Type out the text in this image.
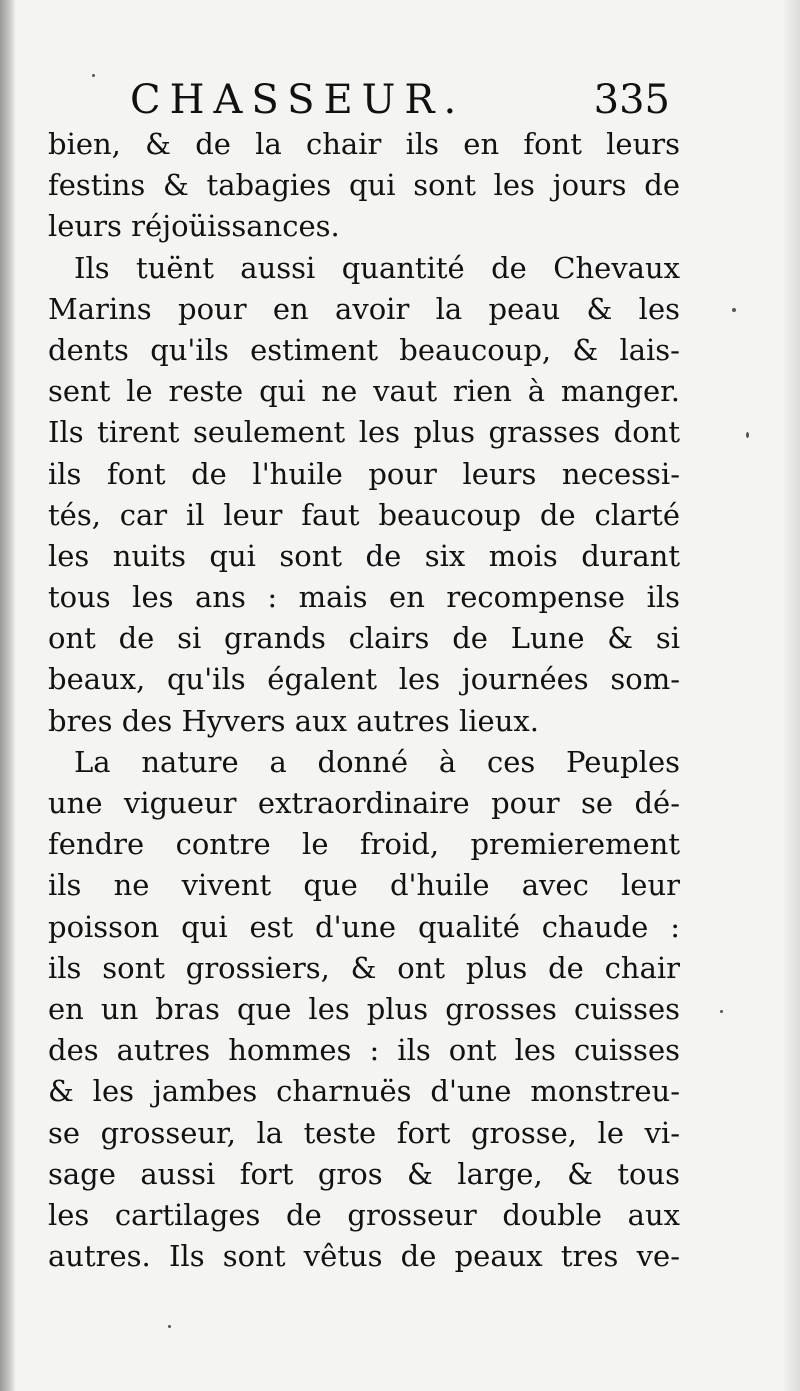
CHASSEUR.	335
bien, & de la chair ils en font leurs
festins & tabagies qui sont les jours de
leurs réjoüissances.
Ils tuënt aussi quantité de Chevaux
Marins pour en avoir la peau & les
dents qu'ils estiment beaucoup, & lais-
sent le reste qui ne vaut rien à manger.
Ils tirent seulement les plus grasses dont
ils font de l'huile pour leurs necessi-
tés, car il leur faut beaucoup de clarté
les nuits qui sont de six mois durant
tous les ans : mais en recompense ils
ont de si grands clairs de Lune & si
beaux, qu'ils égalent les journées som-
bres des Hyvers aux autres lieux.
La nature a donné à ces Peuples
une vigueur extraordinaire pour se dé-
fendre contre le froid, premierement
ils ne vivent que d'huile avec leur
poisson qui est d'une qualité chaude :
ils sont grossiers, & ont plus de chair
en un bras que les plus grosses cuisses
des autres hommes : ils ont les cuisses
& les jambes charnuës d'une monstreu-
se grosseur, la teste fort grosse, le vi-
sage aussi fort gros & large, & tous
les cartilages de grosseur double aux
autres. Ils sont vêtus de peaux tres ve-
